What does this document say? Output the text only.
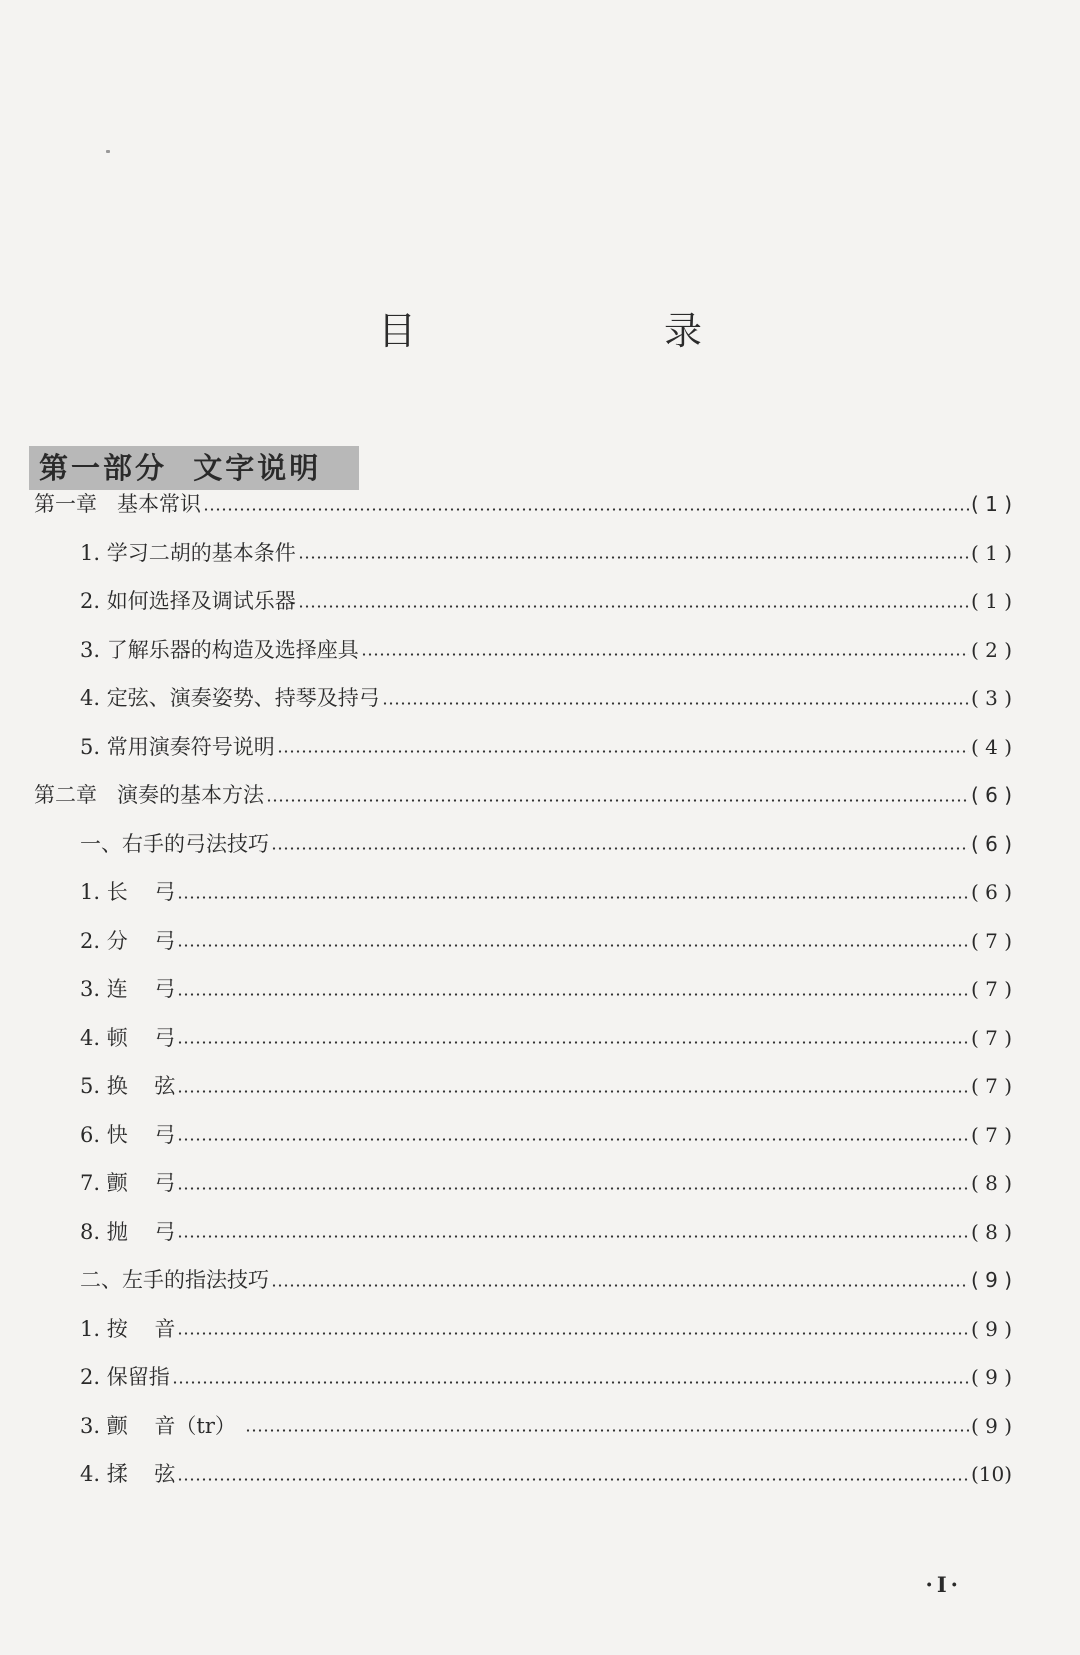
目 录
第一部分  文字说明
第一章   基本常识	( 1 )
1. 学习二胡的基本条件	( 1 )
2. 如何选择及调试乐器	( 1 )
3. 了解乐器的构造及选择座具	( 2 )
4. 定弦、演奏姿势、持琴及持弓	( 3 )
5. 常用演奏符号说明	( 4 )
第二章   演奏的基本方法	( 6 )
一、右手的弓法技巧	( 6 )
1. 长    弓	( 6 )
2. 分    弓	( 7 )
3. 连    弓	( 7 )
4. 顿    弓	( 7 )
5. 换    弦	( 7 )
6. 快    弓	( 7 )
7. 颤    弓	( 8 )
8. 抛    弓	( 8 )
二、左手的指法技巧	( 9 )
1. 按    音	( 9 )
2. 保留指	( 9 )
3. 颤    音（tr）	( 9 )
4. 揉    弦	(10)
·I·
